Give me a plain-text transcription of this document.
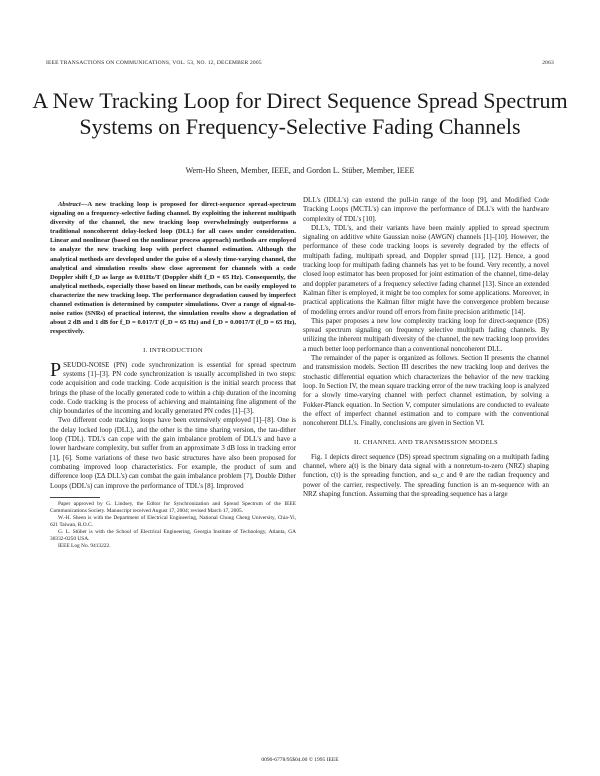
IEEE TRANSACTIONS ON COMMUNICATIONS, VOL. 53, NO. 12, DECEMBER 2005	2063
A New Tracking Loop for Direct Sequence Spread Spectrum Systems on Frequency-Selective Fading Channels
Wern-Ho Sheen, Member, IEEE, and Gordon L. Stüber, Member, IEEE

Abstract—A new tracking loop is proposed for direct-sequence spread-spectrum signaling on a frequency-selective fading channel. By exploiting the inherent multipath diversity of the channel, the new tracking loop overwhelmingly outperforms a traditional noncoherent delay-locked loop (DLL) for all cases under consideration. Linear and nonlinear (based on the nonlinear process approach) methods are employed to analyze the new tracking loop with perfect channel estimation. Although the analytical methods are developed under the guise of a slowly time-varying channel, the analytical and simulation results show close agreement for channels with a code Doppler shift f_D as large as 0.01Hz/T (Doppler shift f_D = 65 Hz). Consequently, the analytical methods, especially those based on linear methods, can be easily employed to characterize the new tracking loop. The performance degradation caused by imperfect channel estimation is determined by computer simulations. Over a range of signal-to-noise ratios (SNRs) of practical interest, the simulation results show a degradation of about 2 dB and 1 dB for f_D = 0.017/T (f_D = 65 Hz) and f_D = 0.0017/T (f_D = 65 Hz), respectively.

I. INTRODUCTION

PSEUDO-NOISE (PN) code synchronization is essential for spread spectrum systems [1]–[3]. PN code synchronization is usually accomplished in two steps: code acquisition and code tracking. Code acquisition is the initial search process that brings the phase of the locally generated code to within a chip duration of the incoming code. Code tracking is the process of achieving and maintaining fine alignment of the chip boundaries of the incoming and locally generated PN codes [1]–[3].

Two different code tracking loops have been extensively employed [1]–[8]. One is the delay locked loop (DLL), and the other is the time sharing version, the tau-dither loop (TDL). TDL's can cope with the gain imbalance problem of DLL's and have a lower hardware complexity, but suffer from an approximate 3 dB loss in tracking error [1], [6]. Some variations of these two basic structures have also been proposed for combating improved loop characteristics. For example, the product of sum and difference loop (ΣΔ DLL's) can combat the gain imbalance problem [7], Double Dither Loops (DDL's) can improve the performance of TDL's [8]. Improved

Paper approved by G. Lindsey, the Editor for Synchronization and Spread Spectrum of the IEEE Communications Society. Manuscript received August 17, 2004; revised March 17, 2005.

W.-H. Sheen is with the Department of Electrical Engineering, National Chung Cheng University, Chia-Yi, 621 Taiwan, R.O.C.

G. L. Stüber is with the School of Electrical Engineering, Georgia Institute of Technology, Atlanta, GA 30332-0250 USA.

IEEE Log No. 9413222.

DLL's (IDLL's) can extend the pull-in range of the loop [9], and Modified Code Tracking Loops (MCTL's) can improve the performance of DLL's with the hardware complexity of TDL's [10].

DLL's, TDL's, and their variants have been mainly applied to spread spectrum signaling on additive white Gaussian noise (AWGN) channels [1]–[10]. However, the performance of these code tracking loops is severely degraded by the effects of multipath fading, multipath spread, and Doppler spread [11], [12]. Hence, a good tracking loop for multipath fading channels has yet to be found. Very recently, a novel closed loop estimator has been proposed for joint estimation of the channel, time-delay and doppler parameters of a frequency selective fading channel [13]. Since an extended Kalman filter is employed, it might be too complex for some applications. Moreover, in practical applications the Kalman filter might have the convergence problem because of modeling errors and/or round off errors from finite precision arithmetic [14].

This paper proposes a new low complexity tracking loop for direct-sequence (DS) spread spectrum signaling on frequency selective multipath fading channels. By utilizing the inherent multipath diversity of the channel, the new tracking loop provides a much better loop performance than a conventional noncoherent DLL.

The remainder of the paper is organized as follows. Section II presents the channel and transmission models. Section III describes the new tracking loop and derives the stochastic differential equation which characterizes the behavior of the new tracking loop. In Section IV, the mean square tracking error of the new tracking loop is analyzed for a slowly time-varying channel with perfect channel estimation, by solving a Fokker-Planck equation. In Section V, computer simulations are conducted to evaluate the effect of imperfect channel estimation and to compare with the conventional noncoherent DLL's. Finally, conclusions are given in Section VI.

II. CHANNEL AND TRANSMISSION MODELS

Fig. 1 depicts direct sequence (DS) spread spectrum signaling on a multipath fading channel, where a(t) is the binary data signal with a nonreturn-to-zero (NRZ) shaping function, c(t) is the spreading function, and ω_c and θ are the radian frequency and power of the carrier, respectively. The spreading function is an m-sequence with an NRZ shaping function. Assuming that the spreading sequence has a large

0090-6778/95$04.00 © 1995 IEEE
